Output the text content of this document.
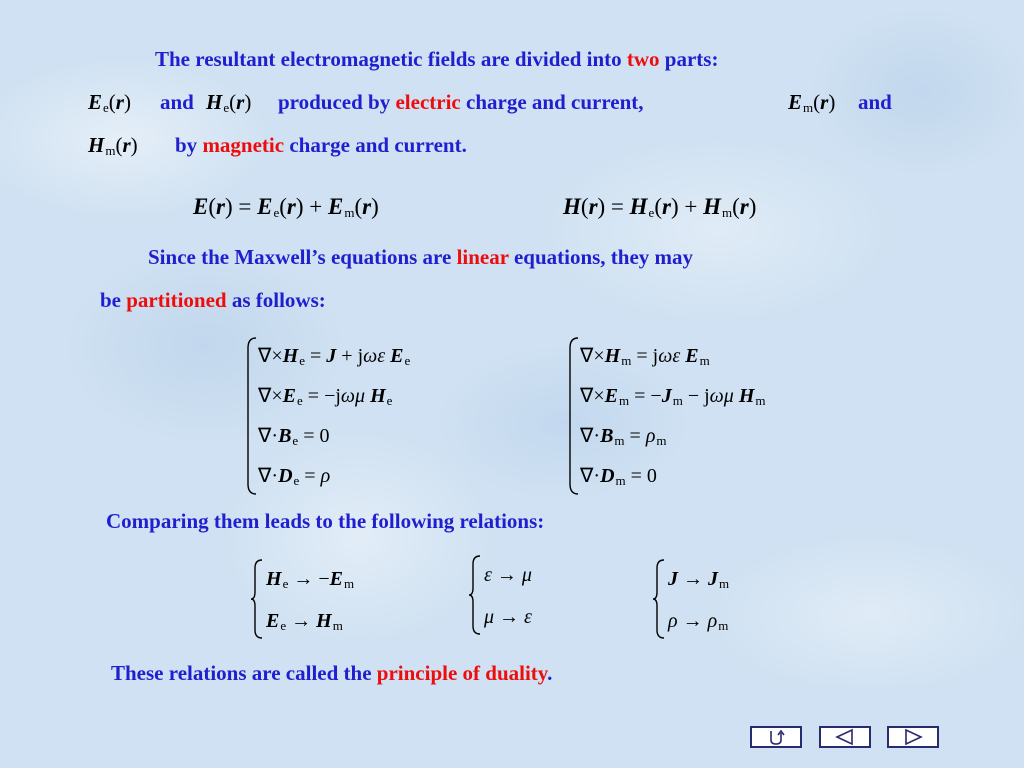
The resultant electromagnetic fields are divided into two parts:
$E_e(r)$ and $H_e(r)$ produced by electric charge and current,	$E_m(r)$ and
$H_m(r)$ by magnetic charge and current.
$E(r) = E_e(r) + E_m(r)$	$H(r) = H_e(r) + H_m(r)$
Since the Maxwell’s equations are linear equations, they may
be partitioned as follows:
$\nabla\times H_e = J + j\omega\varepsilon$ $E_e$
$\nabla\times E_e = -j\omega\mu$ $H_e$
$\nabla\cdot B_e = 0$
$\nabla\cdot D_e = \rho$
$\nabla\times H_m = j\omega\varepsilon$ $E_m$
$\nabla\times E_m = -J_m - j\omega\mu$ $H_m$
$\nabla\cdot B_m = \rho_m$
$\nabla\cdot D_m = 0$
Comparing them leads to the following relations:
$H_e \to -E_m$
$E_e \to H_m$
ε → μ
μ → ε
$J \to J_m$
$\rho \to \rho_m$
These relations are called the principle of duality.
